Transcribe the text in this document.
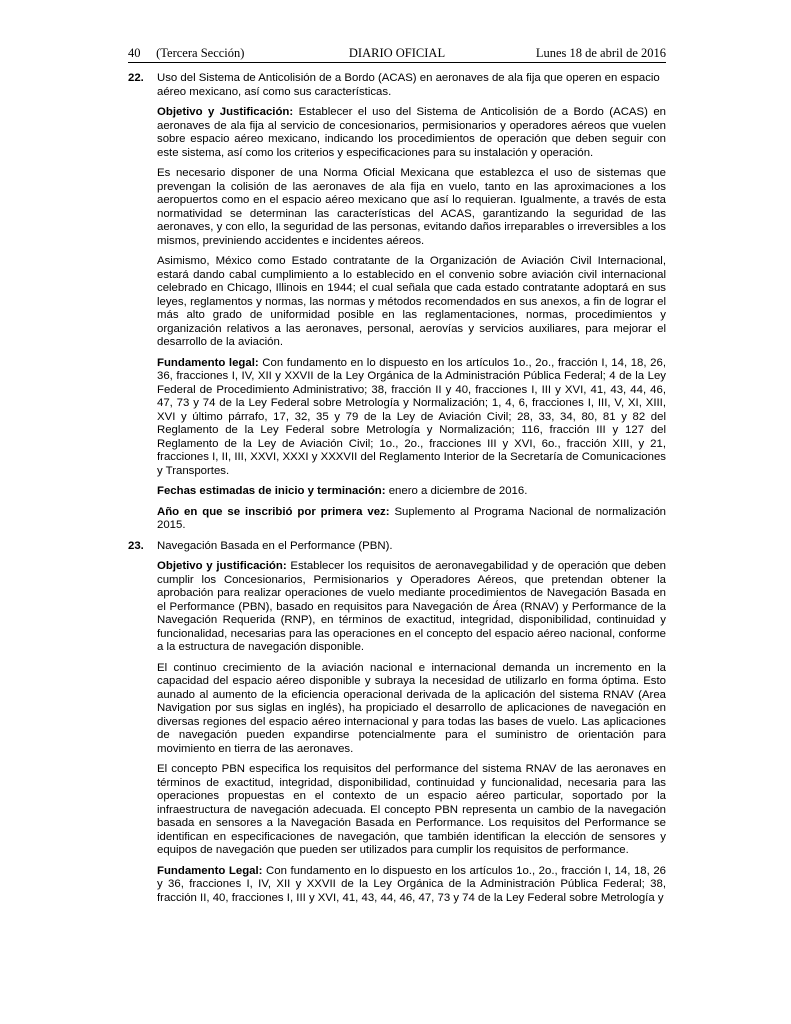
40     (Tercera Sección)	DIARIO OFICIAL	Lunes 18 de abril de 2016
22. Uso del Sistema de Anticolisión de a Bordo (ACAS) en aeronaves de ala fija que operen en espacio aéreo mexicano, así como sus características.

Objetivo y Justificación: Establecer el uso del Sistema de Anticolisión de a Bordo (ACAS) en aeronaves de ala fija al servicio de concesionarios, permisionarios y operadores aéreos que vuelen sobre espacio aéreo mexicano, indicando los procedimientos de operación que deben seguir con este sistema, así como los criterios y especificaciones para su instalación y operación.

Es necesario disponer de una Norma Oficial Mexicana que establezca el uso de sistemas que prevengan la colisión de las aeronaves de ala fija en vuelo, tanto en las aproximaciones a los aeropuertos como en el espacio aéreo mexicano que así lo requieran. Igualmente, a través de esta normatividad se determinan las características del ACAS, garantizando la seguridad de las aeronaves, y con ello, la seguridad de las personas, evitando daños irreparables o irreversibles a los mismos, previniendo accidentes e incidentes aéreos.

Asimismo, México como Estado contratante de la Organización de Aviación Civil Internacional, estará dando cabal cumplimiento a lo establecido en el convenio sobre aviación civil internacional celebrado en Chicago, Illinois en 1944; el cual señala que cada estado contratante adoptará en sus leyes, reglamentos y normas, las normas y métodos recomendados en sus anexos, a fin de lograr el más alto grado de uniformidad posible en las reglamentaciones, normas, procedimientos y organización relativos a las aeronaves, personal, aerovías y servicios auxiliares, para mejorar el desarrollo de la aviación.

Fundamento legal: Con fundamento en lo dispuesto en los artículos 1o., 2o., fracción I, 14, 18, 26, 36, fracciones I, IV, XII y XXVII de la Ley Orgánica de la Administración Pública Federal; 4 de la Ley Federal de Procedimiento Administrativo; 38, fracción II y 40, fracciones I, III y XVI, 41, 43, 44, 46, 47, 73 y 74 de la Ley Federal sobre Metrología y Normalización; 1, 4, 6, fracciones I, III, V, XI, XIII, XVI y último párrafo, 17, 32, 35 y 79 de la Ley de Aviación Civil; 28, 33, 34, 80, 81 y 82 del Reglamento de la Ley Federal sobre Metrología y Normalización; 116, fracción III y 127 del Reglamento de la Ley de Aviación Civil; 1o., 2o., fracciones III y XVI, 6o., fracción XIII, y 21, fracciones I, II, III, XXVI, XXXI y XXXVII del Reglamento Interior de la Secretaría de Comunicaciones y Transportes.

Fechas estimadas de inicio y terminación: enero a diciembre de 2016.

Año en que se inscribió por primera vez: Suplemento al Programa Nacional de normalización 2015.

23. Navegación Basada en el Performance (PBN).

Objetivo y justificación: Establecer los requisitos de aeronavegabilidad y de operación que deben cumplir los Concesionarios, Permisionarios y Operadores Aéreos, que pretendan obtener la aprobación para realizar operaciones de vuelo mediante procedimientos de Navegación Basada en el Performance (PBN), basado en requisitos para Navegación de Área (RNAV) y Performance de la Navegación Requerida (RNP), en términos de exactitud, integridad, disponibilidad, continuidad y funcionalidad, necesarias para las operaciones en el concepto del espacio aéreo nacional, conforme a la estructura de navegación disponible.

El continuo crecimiento de la aviación nacional e internacional demanda un incremento en la capacidad del espacio aéreo disponible y subraya la necesidad de utilizarlo en forma óptima. Esto aunado al aumento de la eficiencia operacional derivada de la aplicación del sistema RNAV (Area Navigation por sus siglas en inglés), ha propiciado el desarrollo de aplicaciones de navegación en diversas regiones del espacio aéreo internacional y para todas las bases de vuelo. Las aplicaciones de navegación pueden expandirse potencialmente para el suministro de orientación para movimiento en tierra de las aeronaves.

El concepto PBN especifica los requisitos del performance del sistema RNAV de las aeronaves en términos de exactitud, integridad, disponibilidad, continuidad y funcionalidad, necesaria para las operaciones propuestas en el contexto de un espacio aéreo particular, soportado por la infraestructura de navegación adecuada. El concepto PBN representa un cambio de la navegación basada en sensores a la Navegación Basada en Performance. Los requisitos del Performance se identifican en especificaciones de navegación, que también identifican la elección de sensores y equipos de navegación que pueden ser utilizados para cumplir los requisitos de performance.

Fundamento Legal: Con fundamento en lo dispuesto en los artículos 1o., 2o., fracción I, 14, 18, 26 y 36, fracciones I, IV, XII y XXVII de la Ley Orgánica de la Administración Pública Federal; 38, fracción II, 40, fracciones I, III y XVI, 41, 43, 44, 46, 47, 73 y 74 de la Ley Federal sobre Metrología y
